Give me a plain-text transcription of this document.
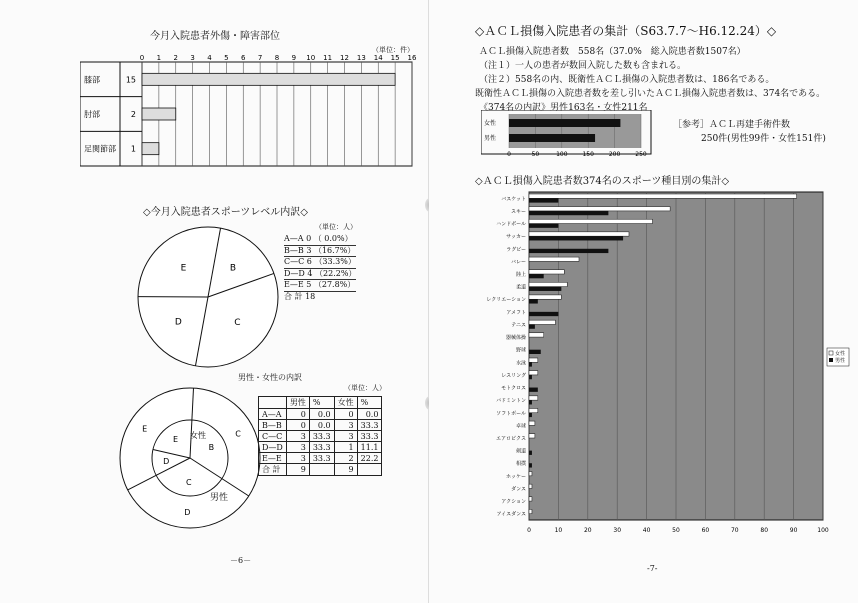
今月入院患者外傷・障害部位
（単位：件）
0 1 2 3 4 5 6 7 8 9 10 11 12 13 14 15 16
膝部	15
肘部	2
足関節部 1
◇今月入院患者スポーツレベル内訳◇
（単位：人）
B
C
D
E
A—A 0 （ 0.0%）
B—B 3 （16.7%）
C—C 6 （33.3%）
D—D 4 （22.2%）
E—E 5 （27.8%）
合 計 18
男性・女性の内訳
（単位：人）
C
D
E
B
C
D
E 女性
	男性	%	女性	%
A—A	0	0.0	0	0.0
B—B	0	0.0	3	33.3
C—C	3	33.3	3	33.3
D—D	3	33.3	1	11.1
E—E	3	33.3	2	22.2
合 計	9		9	
－6－
男性
◇ＡＣＬ損傷入院患者の集計（S63.7.7～H6.12.24）◇
ＡＣＬ損傷入院患者数　558名（37.0%　総入院患者数1507名）
（注１）一人の患者が数回入院した数も含まれる。
（注２）558名の内、既衛性ＡＣＬ損傷の入院患者数は、186名である。
既衛性ＡＣＬ損傷の入院患者数を差し引いたＡＣＬ損傷入院患者数は、374名である。
《374名の内訳》男性163名・女性211名
0	50	100 150 200 250
女性
男性
［参考］ＡＣＬ再建手術件数
250件(男性99件・女性151件)
◇ＡＣＬ損傷入院患者数374名のスポーツ種目別の集計◇
0	10	20	30	40	50	60	70	80	90	100
バスケット
スキー
ハンドボール
サッカー
ラグビー
バレー
陸上
柔道
レクリエーション
アメフト
テニス
器械体操
野球
水泳
レスリング
モトクロス
バドミントン
ソフトボール
卓球
エアロビクス
剣道
相撲
ホッケー
ダンス
アクション
アイスダンス
女性
男性
-7-
